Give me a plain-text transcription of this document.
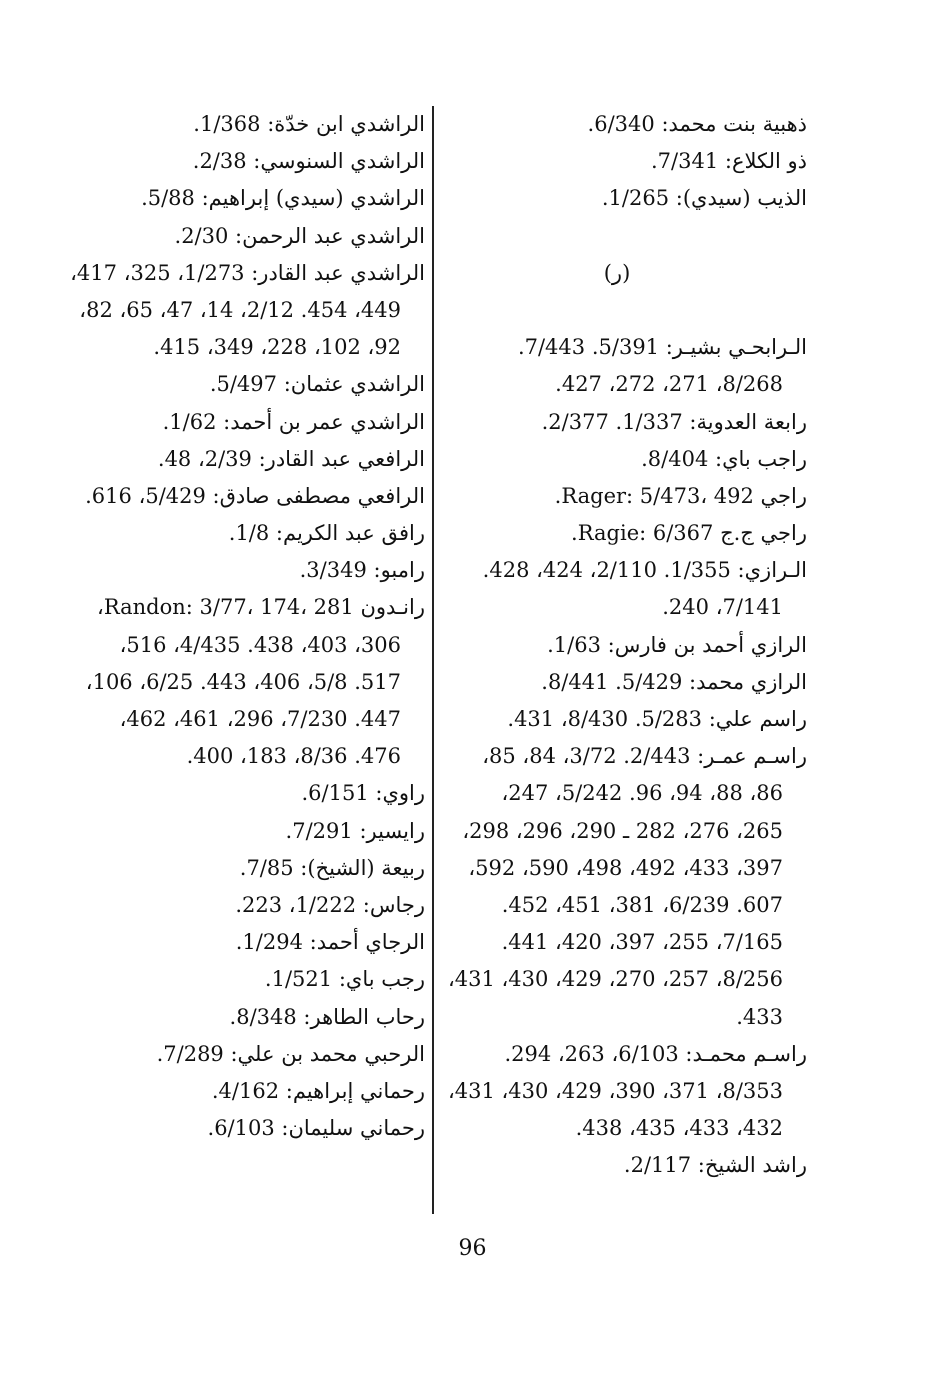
ذهبية بنت محمد: 6/340.
ذو الكلاع: 7/341.
الذيب (سيدي): 1/265.
(ر)
الـرابحـي بشيـر: 5/391. 7/443.
8/268، 271، 272، 427.
رابعة العدوية: 1/337. 2/377.
راجب باي: 8/404.
راجي Rager: 5/473، 492.
راجي ج.ج Ragie: 6/367.
الـرازي: 1/355. 2/110، 424، 428.
7/141، 240.
الرازي أحمد بن فارس: 1/63.
الرازي محمد: 5/429. 8/441.
راسم علي: 5/283. 8/430، 431.
راسـم عمـر: 2/443. 3/72، 84، 85،
86، 88، 94، 96. 5/242، 247،
265، 276، 282 ـ 290، 296، 298،
397، 433، 492، 498، 590، 592،
607. 6/239، 381، 451، 452.
7/165، 255، 397، 420، 441.
8/256، 257، 270، 429، 430، 431،
433.
راسـم محمـد: 6/103، 263، 294.
8/353، 371، 390، 429، 430، 431،
432، 433، 435، 438.
راشد الشيخ: 2/117.
الراشدي ابن خدّة: 1/368.
الراشدي السنوسي: 2/38.
الراشدي (سيدي) إبراهيم: 5/88.
الراشدي عبد الرحمن: 2/30.
الراشدي عبد القادر: 1/273، 325، 417،
449، 454. 2/12، 14، 47، 65، 82،
92، 102، 228، 349، 415.
الراشدي عثمان: 5/497.
الراشدي عمر بن أحمد: 1/62.
الرافعي عبد القادر: 2/39، 48.
الرافعي مصطفى صادق: 5/429، 616.
رافق عبد الكريم: 1/8.
رامبو: 3/349.
رانـدون Randon: 3/77، 174، 281،
306، 403، 438. 4/435، 516،
517. 5/8، 406، 443. 6/25، 106،
447. 7/230، 296، 461، 462،
476. 8/36، 183، 400.
راوي: 6/151.
رايسير: 7/291.
ربيعة (الشيخ): 7/85.
رجاس: 1/222، 223.
الرجاي أحمد: 1/294.
رجب باي: 1/521.
رحاب الطاهر: 8/348.
الرحبي محمد بن علي: 7/289.
رحماني إبراهيم: 4/162.
رحماني سليمان: 6/103.
96
